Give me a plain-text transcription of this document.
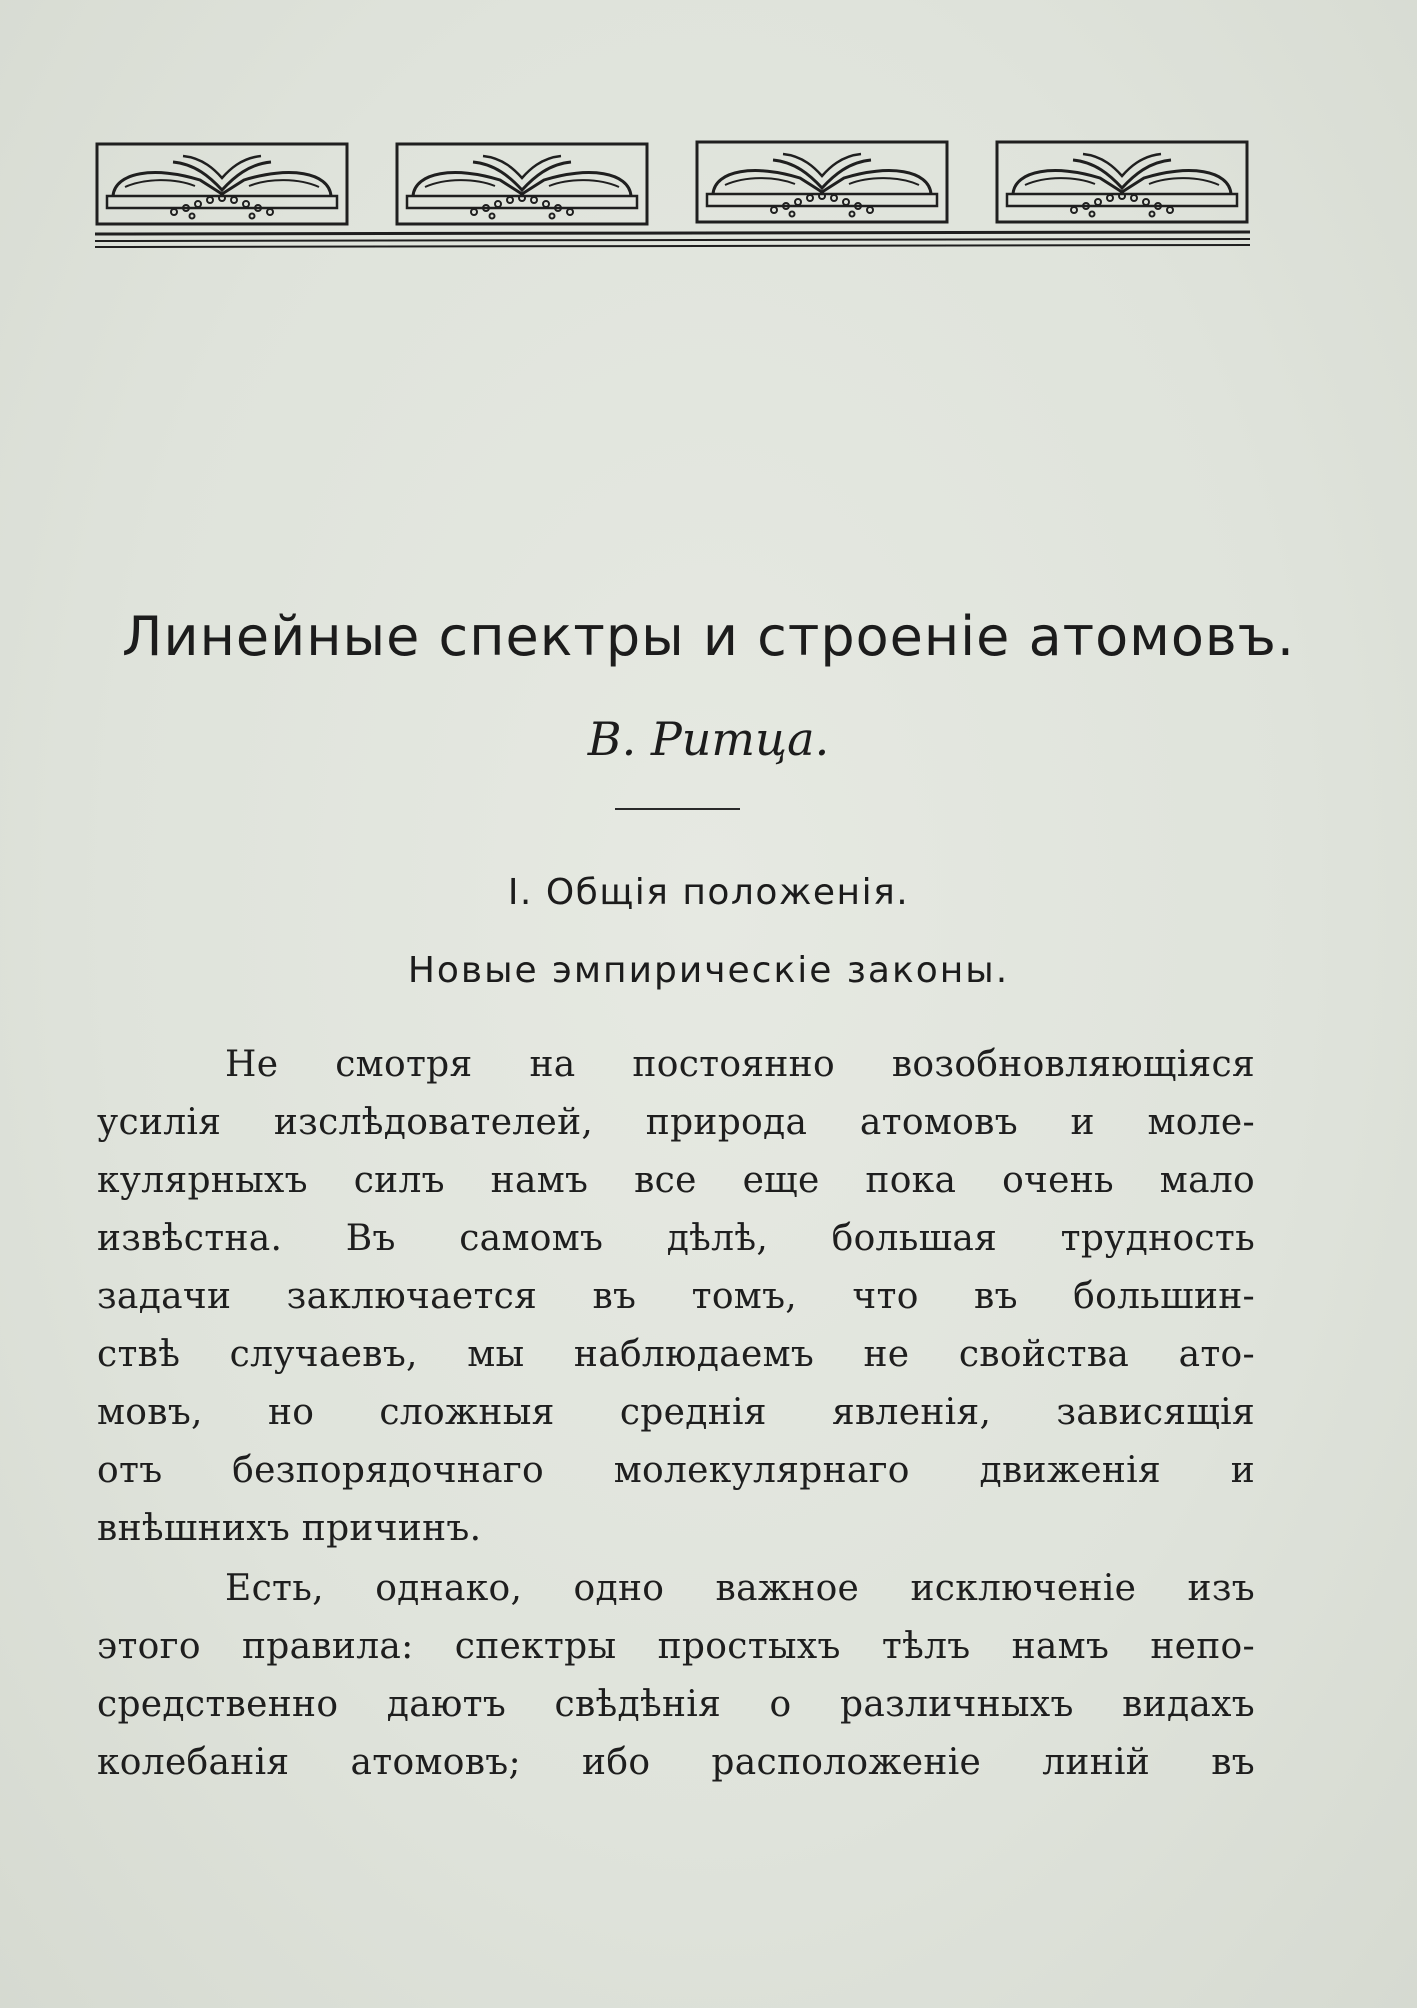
Линейные спектры и строеніе атомовъ.
В. Ритца.
I. Общія положенія.
Новые эмпирическіе законы.
Не смотря на постоянно возобновляющіяся
усилія изслѣдователей, природа атомовъ и моле-
кулярныхъ силъ намъ все еще пока очень мало
извѣстна. Въ самомъ дѣлѣ, большая трудность
задачи заключается въ томъ, что въ большин-
ствѣ случаевъ, мы наблюдаемъ не свойства ато-
мовъ, но сложныя среднія явленія, зависящія
отъ безпорядочнаго молекулярнаго движенія и
внѣшнихъ причинъ.
Есть, однако, одно важное исключеніе изъ
этого правила: спектры простыхъ тѣлъ намъ непо-
средственно даютъ свѣдѣнія о различныхъ видахъ
колебанія атомовъ; ибо расположеніе линій въ
